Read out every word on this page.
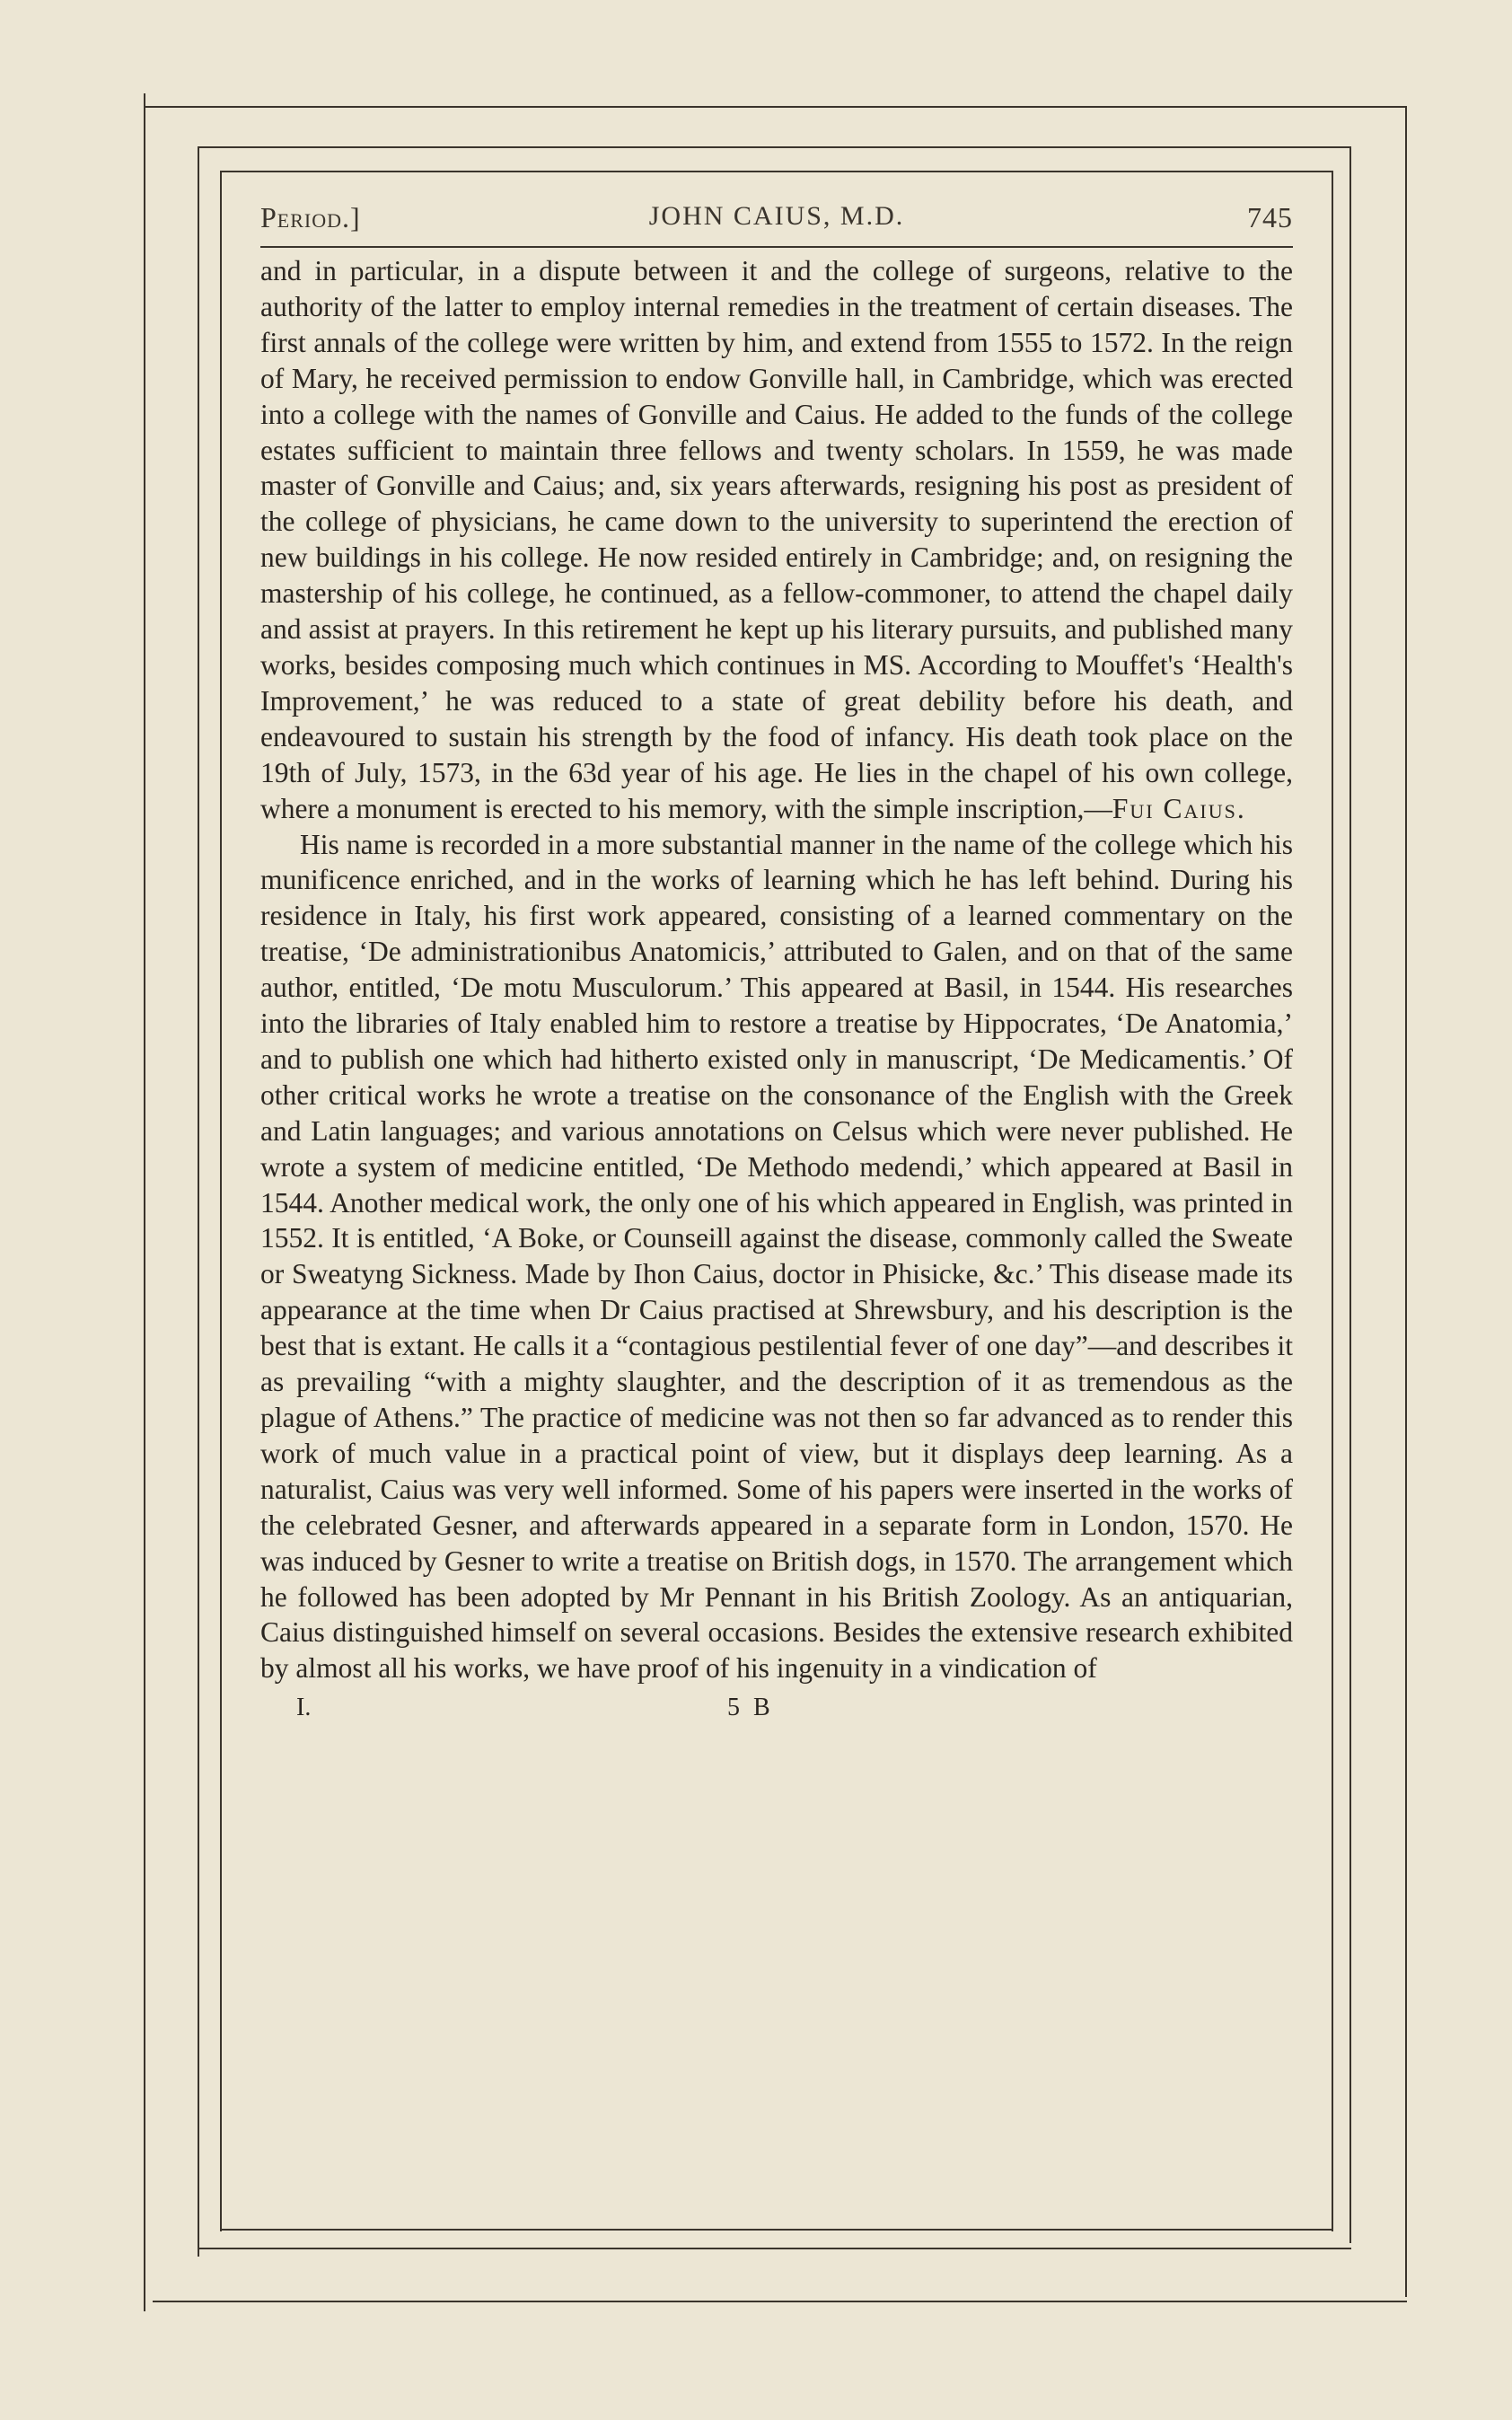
Period.]	JOHN CAIUS, M.D.	745

and in particular, in a dispute between it and the college of surgeons, relative to the authority of the latter to employ internal remedies in the treatment of certain diseases. The first annals of the college were written by him, and extend from 1555 to 1572. In the reign of Mary, he received permission to endow Gonville hall, in Cambridge, which was erected into a college with the names of Gonville and Caius. He added to the funds of the college estates sufficient to maintain three fellows and twenty scholars. In 1559, he was made master of Gonville and Caius; and, six years afterwards, resigning his post as president of the college of physicians, he came down to the university to superintend the erection of new buildings in his college. He now resided entirely in Cambridge; and, on resigning the mastership of his college, he continued, as a fellow-commoner, to attend the chapel daily and assist at prayers. In this retirement he kept up his literary pursuits, and published many works, besides composing much which continues in MS. According to Mouffet's ‘Health's Improvement,’ he was reduced to a state of great debility before his death, and endeavoured to sustain his strength by the food of infancy. His death took place on the 19th of July, 1573, in the 63d year of his age. He lies in the chapel of his own college, where a monument is erected to his memory, with the simple inscription,—Fui Caius.

His name is recorded in a more substantial manner in the name of the college which his munificence enriched, and in the works of learning which he has left behind. During his residence in Italy, his first work appeared, consisting of a learned commentary on the treatise, ‘De administrationibus Anatomicis,’ attributed to Galen, and on that of the same author, entitled, ‘De motu Musculorum.’ This appeared at Basil, in 1544. His researches into the libraries of Italy enabled him to restore a treatise by Hippocrates, ‘De Anatomia,’ and to publish one which had hitherto existed only in manuscript, ‘De Medicamentis.’ Of other critical works he wrote a treatise on the consonance of the English with the Greek and Latin languages; and various annotations on Celsus which were never published. He wrote a system of medicine entitled, ‘De Methodo medendi,’ which appeared at Basil in 1544. Another medical work, the only one of his which appeared in English, was printed in 1552. It is entitled, ‘A Boke, or Counseill against the disease, commonly called the Sweate or Sweatyng Sickness. Made by Ihon Caius, doctor in Phisicke, &c.’ This disease made its appearance at the time when Dr Caius practised at Shrewsbury, and his description is the best that is extant. He calls it a “contagious pestilential fever of one day”—and describes it as prevailing “with a mighty slaughter, and the description of it as tremendous as the plague of Athens.” The practice of medicine was not then so far advanced as to render this work of much value in a practical point of view, but it displays deep learning. As a naturalist, Caius was very well informed. Some of his papers were inserted in the works of the celebrated Gesner, and afterwards appeared in a separate form in London, 1570. He was induced by Gesner to write a treatise on British dogs, in 1570. The arrangement which he followed has been adopted by Mr Pennant in his British Zoology. As an antiquarian, Caius distinguished himself on several occasions. Besides the extensive research exhibited by almost all his works, we have proof of his ingenuity in a vindication of

I.	5 B
